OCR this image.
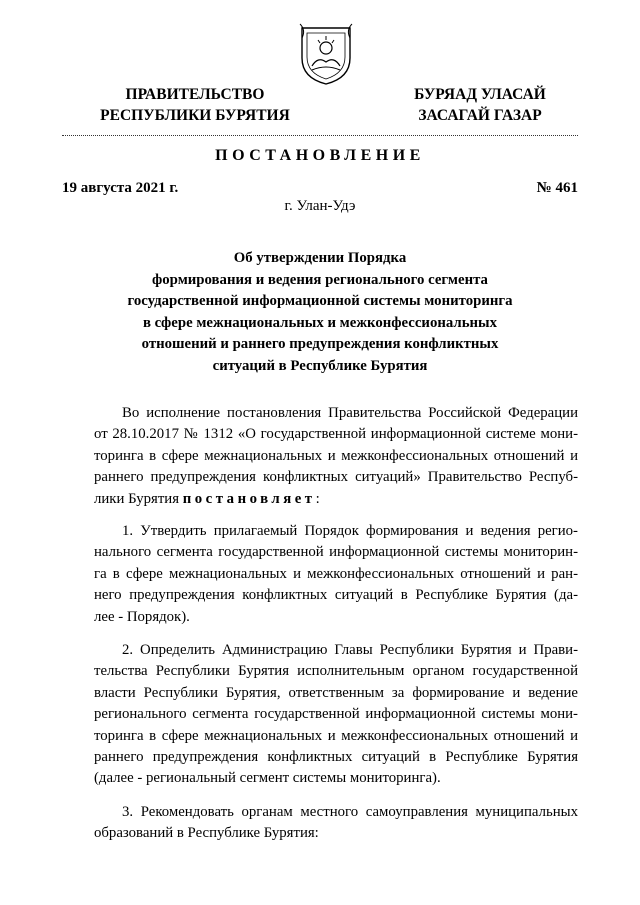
ПРАВИТЕЛЬСТВО
РЕСПУБЛИКИ БУРЯТИЯ
БУРЯАД УЛАСАЙ
ЗАСАГАЙ ГАЗАР
ПОСТАНОВЛЕНИЕ
19 августа 2021 г.	№ 461
г. Улан-Удэ
Об утверждении Порядка
формирования и ведения регионального сегмента
государственной информационной системы мониторинга
в сфере межнациональных и межконфессиональных
отношений и раннего предупреждения конфликтных
ситуаций в Республике Бурятия
Во исполнение постановления Правительства Российской Федерации
от 28.10.2017 № 1312 «О государственной информационной системе мони-
торинга в сфере межнациональных и межконфессиональных отношений и
раннего предупреждения конфликтных ситуаций» Правительство Респуб-
лики Бурятия постановляет:
1. Утвердить прилагаемый Порядок формирования и ведения регио-
нального сегмента государственной информационной системы мониторин-
га в сфере межнациональных и межконфессиональных отношений и ран-
него предупреждения конфликтных ситуаций в Республике Бурятия (да-
лее - Порядок).
2. Определить Администрацию Главы Республики Бурятия и Прави-
тельства Республики Бурятия исполнительным органом государственной
власти Республики Бурятия, ответственным за формирование и ведение
регионального сегмента государственной информационной системы мони-
торинга в сфере межнациональных и межконфессиональных отношений и
раннего предупреждения конфликтных ситуаций в Республике Бурятия
(далее - региональный сегмент системы мониторинга).
3. Рекомендовать органам местного самоуправления муниципальных
образований в Республике Бурятия:
